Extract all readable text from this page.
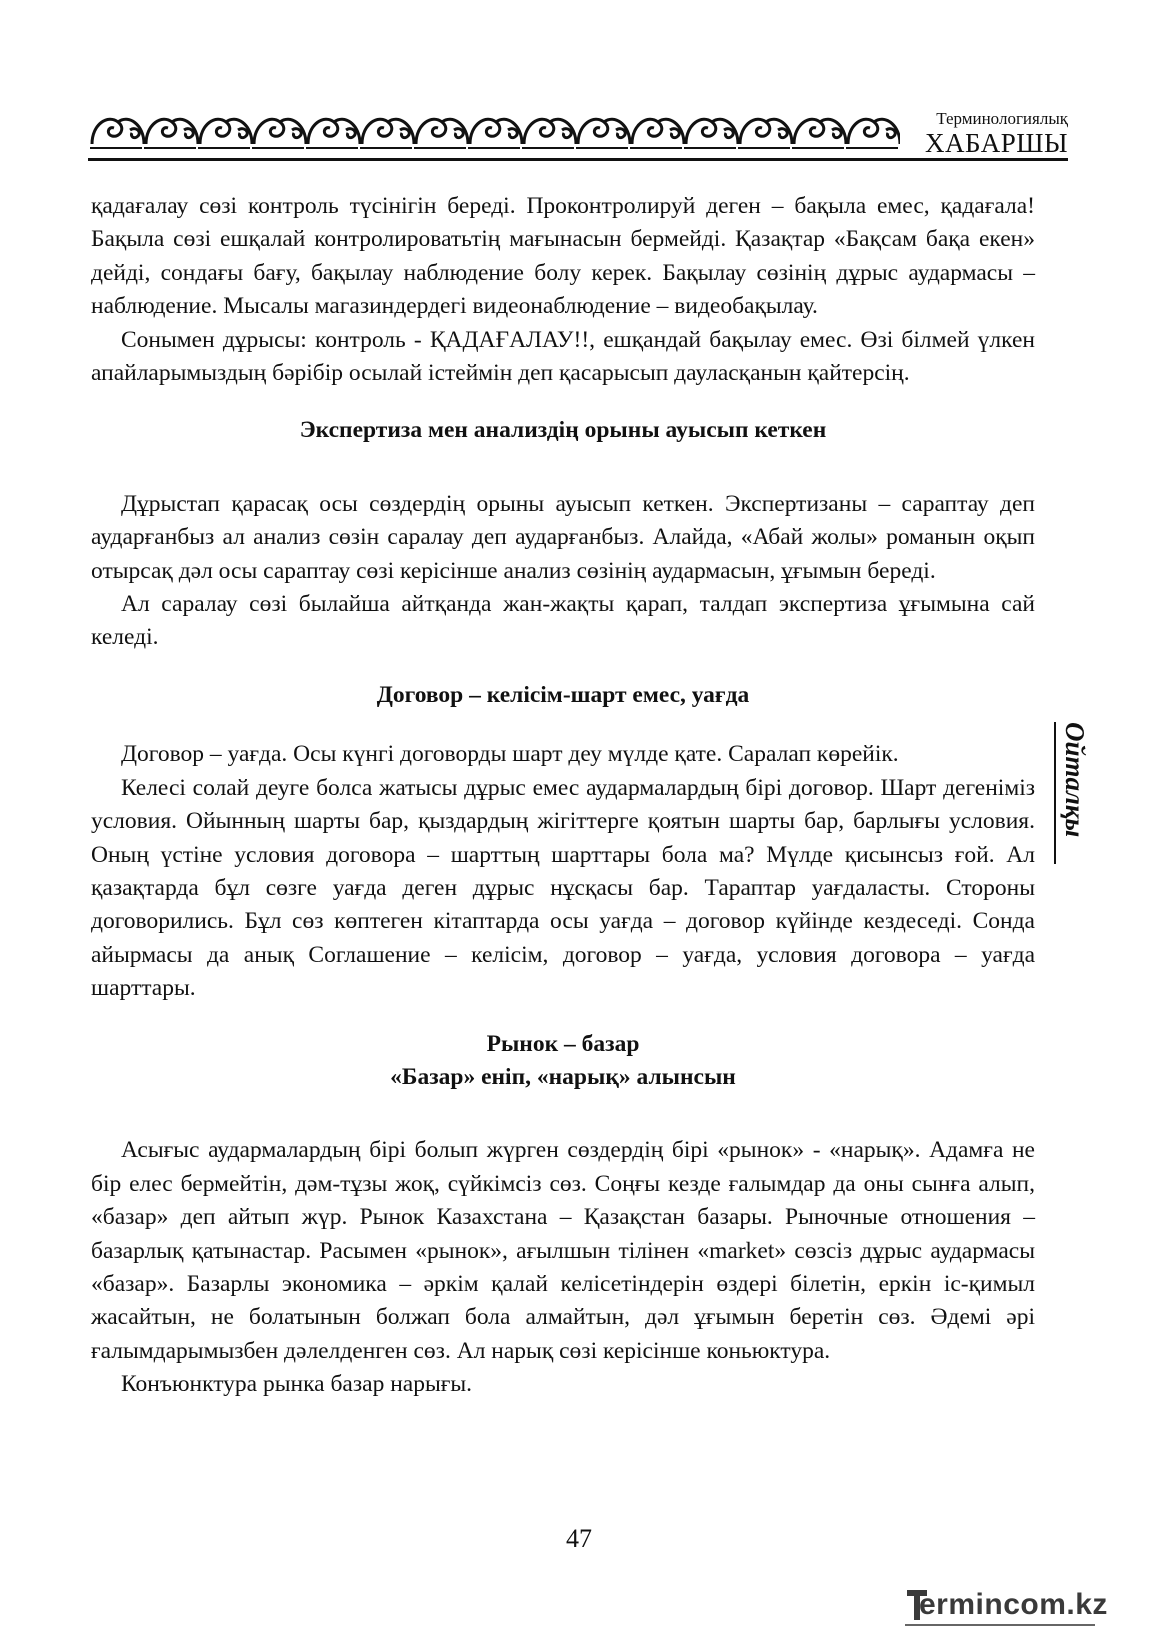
Терминологиялық
ХАБАРШЫ

қадағалау сөзі контроль түсінігін береді. Проконтролируй деген – бақыла емес, қадағала! Бақыла сөзі ешқалай контролироватьтің мағынасын бермейді. Қазақтар «Бақсам бақа екен» дейді, сондағы бағу, бақылау наблюдение болу керек. Бақылау сөзінің дұрыс аудармасы – наблюдение. Мысалы магазиндердегі видеонаблюдение – видеобақылау.

Сонымен дұрысы: контроль - ҚАДАҒАЛАУ!!, ешқандай бақылау емес. Өзі білмей үлкен апайларымыздың бәрібір осылай істеймін деп қасарысып дауласқанын қайтерсің.

Экспертиза мен анализдің орыны ауысып кеткен

Дұрыстап қарасақ осы сөздердің орыны ауысып кеткен. Экспертизаны – сараптау деп аударғанбыз ал анализ сөзін саралау деп аударғанбыз. Алайда, «Абай жолы» романын оқып отырсақ дәл осы сараптау сөзі керісінше анализ сөзінің аудармасын, ұғымын береді.

Ал саралау сөзі былайша айтқанда жан-жақты қарап, талдап экспертиза ұғымына сай келеді.

Договор – келісім-шарт емес, уағда

Договор – уағда. Осы күнгі договорды шарт деу мүлде қате. Саралап көрейік.

Келесі солай деуге болса жатысы дұрыс емес аудармалардың бірі договор. Шарт дегеніміз условия. Ойынның шарты бар, қыздардың жігіттерге қоятын шарты бар, барлығы условия. Оның үстіне условия договора – шарттың шарттары бола ма? Мүлде қисынсыз ғой. Ал қазақтарда бұл сөзге уағда деген дұрыс нұсқасы бар. Тараптар уағдаласты. Стороны договорились. Бұл сөз көптеген кітаптарда осы уағда – договор күйінде кездеседі. Сонда айырмасы да анық Соглашение – келісім, договор – уағда, условия договора – уағда шарттары.

Рынок – базар
«Базар» еніп, «нарық» алынсын

Асығыс аудармалардың бірі болып жүрген сөздердің бірі «рынок» - «нарық». Адамға не бір елес бермейтін, дәм-тұзы жоқ, сүйкімсіз сөз. Соңғы кезде ғалымдар да оны сынға алып, «базар» деп айтып жүр. Рынок Казахстана – Қазақстан базары. Рыночные отношения – базарлық қатынастар. Расымен «рынок», ағылшын тілінен «market» сөзсіз дұрыс аудармасы «базар». Базарлы экономика – әркім қалай келісетіндерін өздері білетін, еркін іс-қимыл жасайтын, не болатынын болжап бола алмайтын, дәл ұғымын беретін сөз. Әдемі әрі ғалымдарымызбен дәлелденген сөз. Ал нарық сөзі керісінше коньюктура.

Конъюнктура рынка базар нарығы.

Ойталқы
47
ermincom.kz
